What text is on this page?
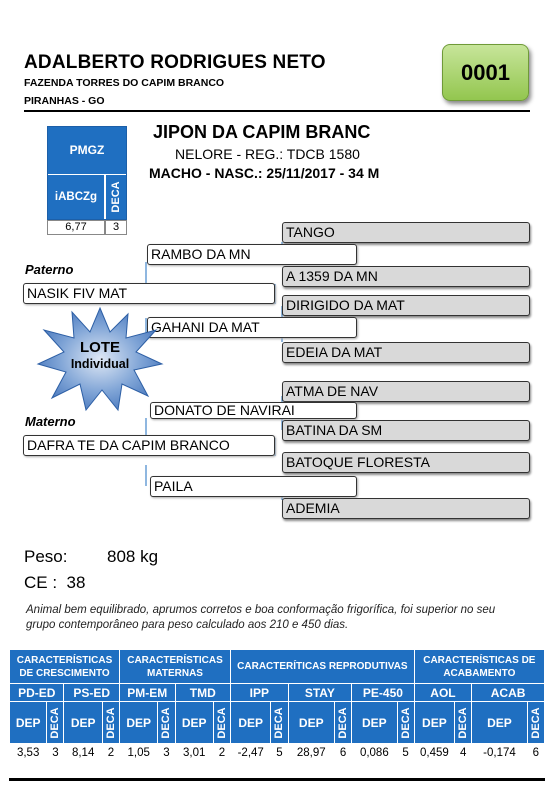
ADALBERTO RODRIGUES NETO
FAZENDA TORRES DO CAPIM BRANCO
PIRANHAS - GO
0001
PMGZ
iABCZg	DECA
6,77	3
JIPON DA CAPIM BRANC
NELORE - REG.: TDCB 1580
MACHO - NASC.: 25/11/2017 - 34 M
Paterno
Materno
TANGO
RAMBO DA MN
A 1359 DA MN
NASIK FIV MAT
DIRIGIDO DA MAT
GAHANI DA MAT
EDEIA DA MAT
ATMA DE NAV
DONATO DE NAVIRAI
BATINA DA SM
DAFRA TE DA CAPIM BRANCO
BATOQUE FLORESTA
PAILA
ADEMIA
LOTE
Individual
Peso: 808 kg
CE : 38
Animal bem equilibrado, aprumos corretos e boa conformação frigorífica, foi superior no seu grupo contemporâneo para peso calculado aos 210 e 450 dias.
CARACTERÍSTICAS DE CRESCIMENTO				CARACTERÍSTICAS MATERNAS				CARACTERÍTICAS REPRODUTIVAS						CARACTERÍSTICAS DE ACABAMENTO			
PD-ED		PS-ED		PM-EM		TMD		IPP		STAY		PE-450		AOL		ACAB	
DEP	DECA	DEP	DECA	DEP	DECA	DEP	DECA	DEP	DECA	DEP	DECA	DEP	DECA	DEP	DECA	DEP	DECA

3,53	3	8,14	2	1,05	3	3,01	2	-2,47	5	28,97	6	0,086	5	0,459	4	-0,174	6
